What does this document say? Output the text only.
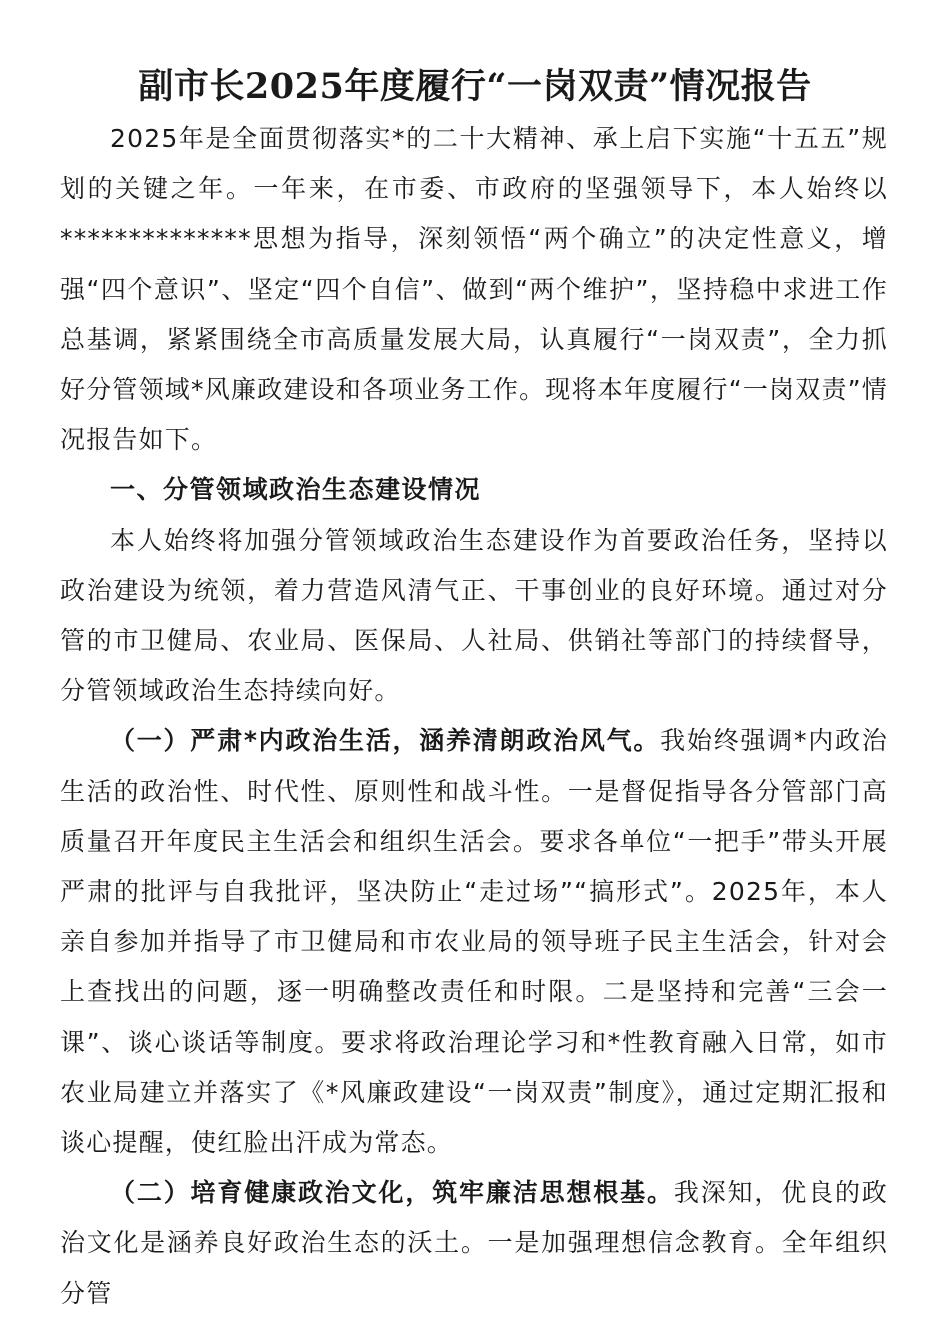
副市长2025年度履行“一岗双责”情况报告

2025年是全面贯彻落实*的二十大精神、承上启下实施“十五五”规划的关键之年。一年来，在市委、市政府的坚强领导下，本人始终以**************思想为指导，深刻领悟“两个确立”的决定性意义，增强“四个意识”、坚定“四个自信”、做到“两个维护”，坚持稳中求进工作总基调，紧紧围绕全市高质量发展大局，认真履行“一岗双责”，全力抓好分管领域*风廉政建设和各项业务工作。现将本年度履行“一岗双责”情况报告如下。

一、分管领域政治生态建设情况

本人始终将加强分管领域政治生态建设作为首要政治任务，坚持以政治建设为统领，着力营造风清气正、干事创业的良好环境。通过对分管的市卫健局、农业局、医保局、人社局、供销社等部门的持续督导，分管领域政治生态持续向好。

（一）严肃*内政治生活，涵养清朗政治风气。我始终强调*内政治生活的政治性、时代性、原则性和战斗性。一是督促指导各分管部门高质量召开年度民主生活会和组织生活会。要求各单位“一把手”带头开展严肃的批评与自我批评，坚决防止“走过场”“搞形式”。2025年，本人亲自参加并指导了市卫健局和市农业局的领导班子民主生活会，针对会上查找出的问题，逐一明确整改责任和时限。二是坚持和完善“三会一课”、谈心谈话等制度。要求将政治理论学习和*性教育融入日常，如市农业局建立并落实了《*风廉政建设“一岗双责”制度》，通过定期汇报和谈心提醒，使红脸出汗成为常态。

（二）培育健康政治文化，筑牢廉洁思想根基。我深知，优良的政治文化是涵养良好政治生态的沃土。一是加强理想信念教育。全年组织分管
